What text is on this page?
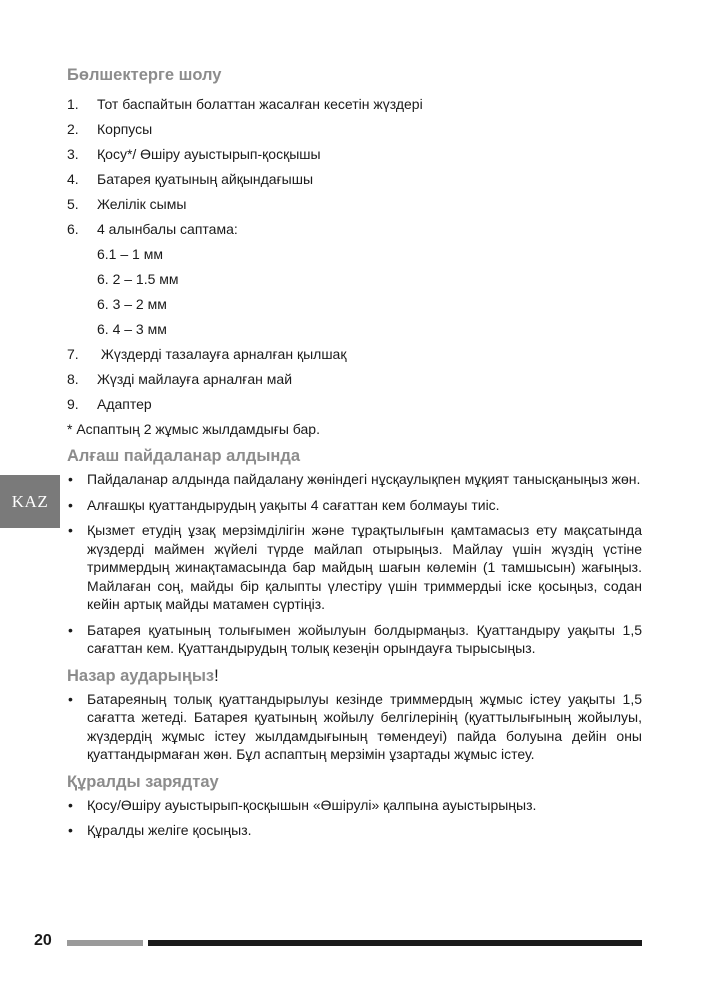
KAZ
Бөлшектерге шолу
1.	Тот баспайтын болаттан жасалған кесетін жүздері
2.	Корпусы
3.	Қосу*/ Өшіру ауыстырып-қосқышы
4.	Батарея қуатының айқындағышы
5.	Желілік сымы
6.	4 алынбалы саптама:
6.1 – 1 мм
6. 2 – 1.5 мм
6. 3 – 2 мм
6. 4 – 3 мм
7.	Жүздерді тазалауға арналған қылшақ
8.	Жүзді майлауға арналған май
9.	Адаптер
* Аспаптың 2 жұмыс жылдамдығы бар.
Алғаш пайдаланар алдында
• Пайдаланар алдында пайдалану жөніндегі нұсқаулықпен мұқият танысқаныңыз жөн.
• Алғашқы қуаттандырудың уақыты 4 сағаттан кем болмауы тиіс.
• Қызмет етудің ұзақ мерзімділігін және тұрақтылығын қамтамасыз ету мақсатында жүздерді маймен жүйелі түрде майлап отырыңыз. Майлау үшін жүздің үстіне триммердың жинақтамасында бар майдың шағын көлемін (1 тамшысын) жағыңыз. Майлаған соң, майды бір қалыпты үлестіру үшін триммердыі іске қосыңыз, содан кейін артық майды матамен сүртіңіз.
• Батарея қуатының толығымен жойылуын болдырмаңыз. Қуаттандыру уақыты 1,5 сағаттан кем. Қуаттандырудың толық кезеңін орындауға тырысыңыз.
Назар аударыңыз!
• Батареяның толық қуаттандырылуы кезінде триммердың жұмыс істеу уақыты 1,5 сағатта жетеді. Батарея қуатының жойылу белгілерінің (қуаттылығының жойылуы, жүздердің жұмыс істеу жылдамдығының төмендеуі) пайда болуына дейін оны қуаттандырмаған жөн. Бұл аспаптың мерзімін ұзартады жұмыс істеу.
Құралды зарядтау
• Қосу/Өшіру ауыстырып-қосқышын «Өшірулі» қалпына ауыстырыңыз.
• Құралды желіге қосыңыз.
20
